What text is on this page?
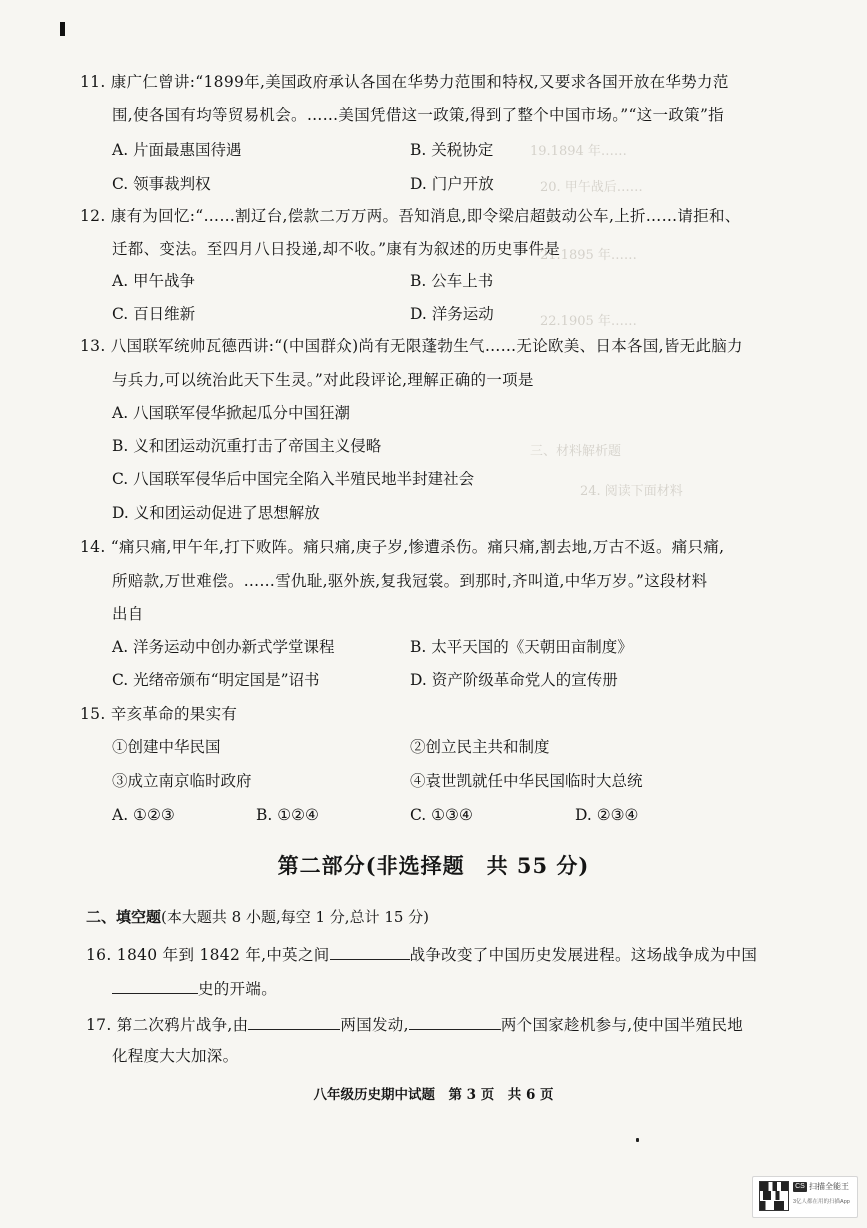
19.1894 年……
20. 甲午战后……
21.1895 年……
22.1905 年……
三、材料解析题
24. 阅读下面材料
11. 康广仁曾讲:“1899年,美国政府承认各国在华势力范围和特权,又要求各国开放在华势力范
围,使各国有均等贸易机会。……美国凭借这一政策,得到了整个中国市场。”“这一政策”指
A. 片面最惠国待遇	B. 关税协定
C. 领事裁判权	D. 门户开放
12. 康有为回忆:“……割辽台,偿款二万万两。吾知消息,即令梁启超鼓动公车,上折……请拒和、
迁都、变法。至四月八日投递,却不收。”康有为叙述的历史事件是
A. 甲午战争	B. 公车上书
C. 百日维新	D. 洋务运动
13. 八国联军统帅瓦德西讲:“(中国群众)尚有无限蓬勃生气……无论欧美、日本各国,皆无此脑力
与兵力,可以统治此天下生灵。”对此段评论,理解正确的一项是
A. 八国联军侵华掀起瓜分中国狂潮
B. 义和团运动沉重打击了帝国主义侵略
C. 八国联军侵华后中国完全陷入半殖民地半封建社会
D. 义和团运动促进了思想解放
14. “痛只痛,甲午年,打下败阵。痛只痛,庚子岁,惨遭杀伤。痛只痛,割去地,万古不返。痛只痛,
所赔款,万世难偿。……雪仇耻,驱外族,复我冠裳。到那时,齐叫道,中华万岁。”这段材料
出自
A. 洋务运动中创办新式学堂课程	B. 太平天国的《天朝田亩制度》
C. 光绪帝颁布“明定国是”诏书	D. 资产阶级革命党人的宣传册
15. 辛亥革命的果实有
①创建中华民国	②创立民主共和制度
③成立南京临时政府	④袁世凯就任中华民国临时大总统
A. ①②③	B. ①②④	C. ①③④	D. ②③④
第二部分(非选择题　共 55 分)
二、填空题(本大题共 8 小题,每空 1 分,总计 15 分)
16. 1840 年到 1842 年,中英之间	战争改变了中国历史发展进程。这场战争成为中国
史的开端。
17. 第二次鸦片战争,由	两国发动,	两个国家趁机参与,使中国半殖民地
化程度大大加深。
八年级历史期中试题　第 3 页　共 6 页
CS 扫描全能王
3亿人都在用的扫描App
